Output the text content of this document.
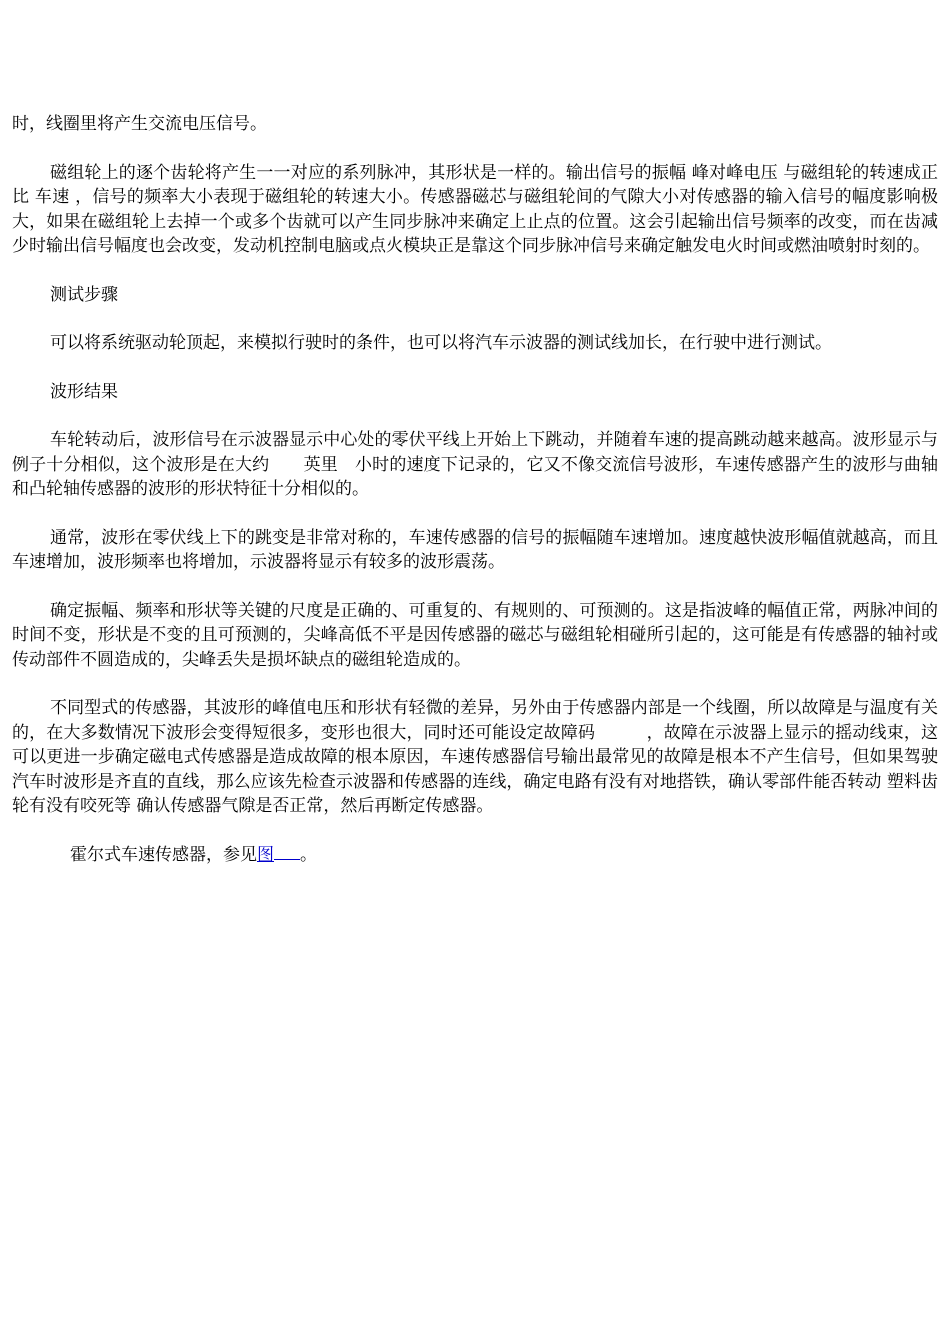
时，线圈里将产生交流电压信号。

磁组轮上的逐个齿轮将产生一一对应的系列脉冲，其形状是一样的。输出信号的振幅 峰对峰电压 与磁组轮的转速成正比 车速 ，信号的频率大小表现于磁组轮的转速大小。传感器磁芯与磁组轮间的气隙大小对传感器的输入信号的幅度影响极大，如果在磁组轮上去掉一个或多个齿就可以产生同步脉冲来确定上止点的位置。这会引起输出信号频率的改变，而在齿减少时输出信号幅度也会改变，发动机控制电脑或点火模块正是靠这个同步脉冲信号来确定触发电火时间或燃油喷射时刻的。

测试步骤

可以将系统驱动轮顶起，来模拟行驶时的条件，也可以将汽车示波器的测试线加长，在行驶中进行测试。

波形结果

车轮转动后，波形信号在示波器显示中心处的零伏平线上开始上下跳动，并随着车速的提高跳动越来越高。波形显示与例子十分相似，这个波形是在大约　　英里　小时的速度下记录的，它又不像交流信号波形，车速传感器产生的波形与曲轴和凸轮轴传感器的波形的形状特征十分相似的。

通常，波形在零伏线上下的跳变是非常对称的，车速传感器的信号的振幅随车速增加。速度越快波形幅值就越高，而且车速增加，波形频率也将增加，示波器将显示有较多的波形震荡。

确定振幅、频率和形状等关键的尺度是正确的、可重复的、有规则的、可预测的。这是指波峰的幅值正常，两脉冲间的时间不变，形状是不变的且可预测的，尖峰高低不平是因传感器的磁芯与磁组轮相碰所引起的，这可能是有传感器的轴衬或传动部件不圆造成的，尖峰丢失是损坏缺点的磁组轮造成的。

不同型式的传感器，其波形的峰值电压和形状有轻微的差异，另外由于传感器内部是一个线圈，所以故障是与温度有关的，在大多数情况下波形会变得短很多，变形也很大，同时还可能设定故障码　　　，故障在示波器上显示的摇动线束，这可以更进一步确定磁电式传感器是造成故障的根本原因，车速传感器信号输出最常见的故障是根本不产生信号，但如果驾驶汽车时波形是齐直的直线，那么应该先检查示波器和传感器的连线，确定电路有没有对地搭铁，确认零部件能否转动 塑料齿轮有没有咬死等 确认传感器气隙是否正常，然后再断定传感器。

霍尔式车速传感器，参见图 。
